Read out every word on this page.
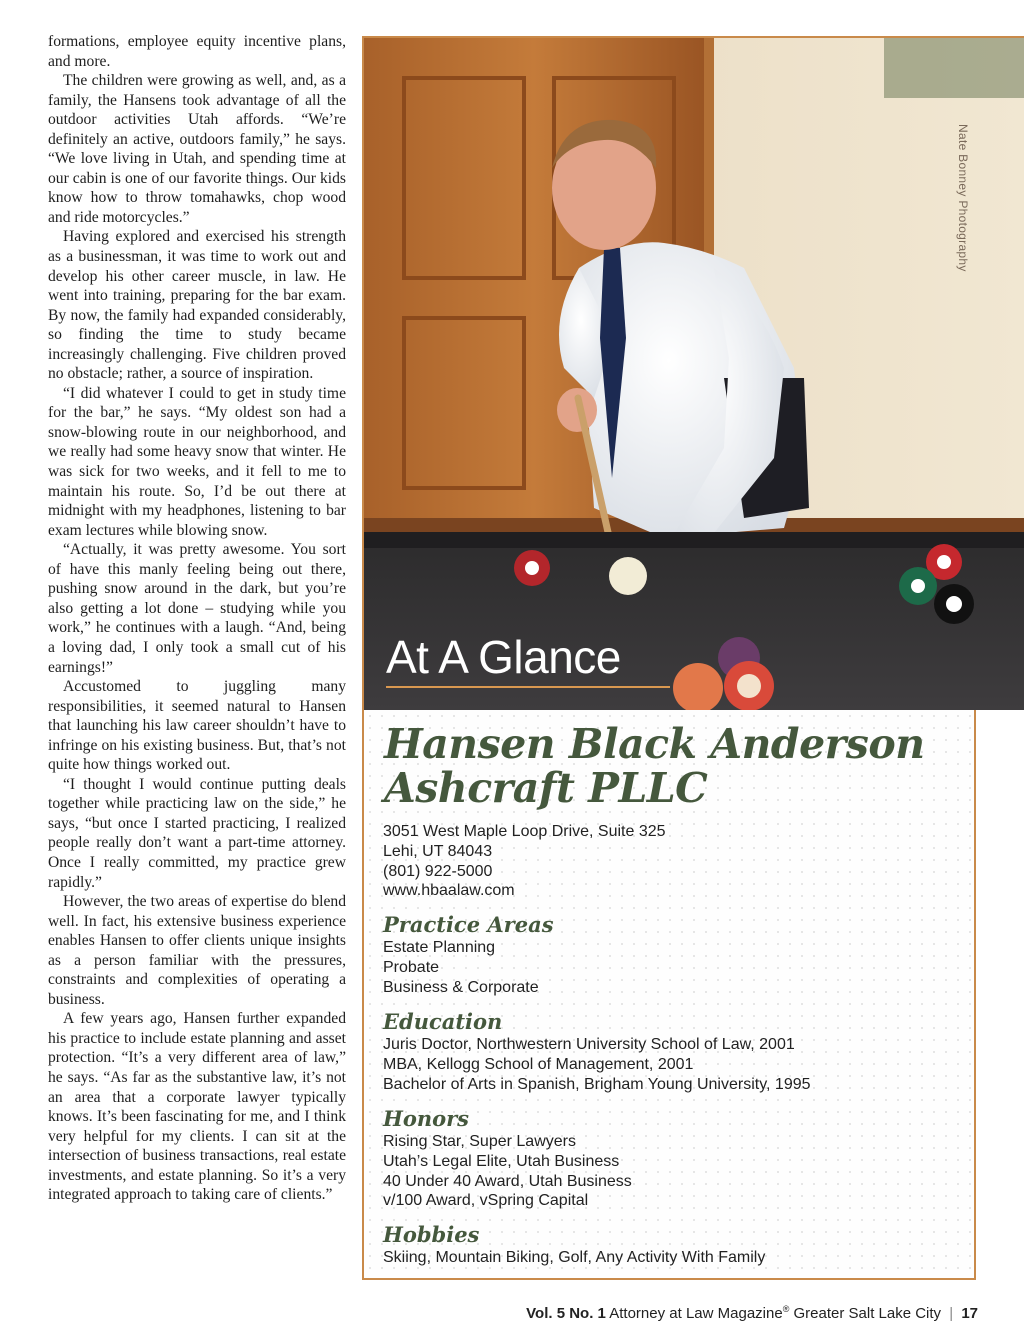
formations, employee equity incentive plans, and more.

The children were growing as well, and, as a family, the Hansens took advantage of all the outdoor activities Utah affords. “We’re definitely an active, outdoors family,” he says. “We love living in Utah, and spending time at our cabin is one of our favorite things. Our kids know how to throw tomahawks, chop wood and ride motorcycles.”

Having explored and exercised his strength as a businessman, it was time to work out and develop his other career muscle, in law. He went into training, preparing for the bar exam. By now, the family had expanded considerably, so finding the time to study became increasingly challenging. Five children proved no obstacle; rather, a source of inspiration.

“I did whatever I could to get in study time for the bar,” he says. “My oldest son had a snow-blowing route in our neighborhood, and we really had some heavy snow that winter. He was sick for two weeks, and it fell to me to maintain his route. So, I’d be out there at midnight with my headphones, listening to bar exam lectures while blowing snow.

“Actually, it was pretty awesome. You sort of have this manly feeling being out there, pushing snow around in the dark, but you’re also getting a lot done – studying while you work,” he continues with a laugh. “And, being a loving dad, I only took a small cut of his earnings!”

Accustomed to juggling many responsibilities, it seemed natural to Hansen that launching his law career shouldn’t have to infringe on his existing business. But, that’s not quite how things worked out.

“I thought I would continue putting deals together while practicing law on the side,” he says, “but once I started practicing, I realized people really don’t want a part-time attorney. Once I really committed, my practice grew rapidly.”

However, the two areas of expertise do blend well. In fact, his extensive business experience enables Hansen to offer clients unique insights as a person familiar with the pressures, constraints and complexities of operating a business.

A few years ago, Hansen further expanded his practice to include estate planning and asset protection. “It’s a very different area of law,” he says. “As far as the substantive law, it’s not an area that a corporate lawyer typically knows. It’s been fascinating for me, and I think very helpful for my clients. I can sit at the intersection of business transactions, real estate investments, and estate planning. So it’s a very integrated approach to taking care of clients.”

Nate Bonney Photography
At A Glance
Hansen Black Anderson
Ashcraft PLLC
3051 West Maple Loop Drive, Suite 325
Lehi, UT 84043
(801) 922-5000
www.hbaalaw.com
Practice Areas
Estate Planning
Probate
Business & Corporate
Education
Juris Doctor, Northwestern University School of Law, 2001
MBA, Kellogg School of Management, 2001
Bachelor of Arts in Spanish, Brigham Young University, 1995
Honors
Rising Star, Super Lawyers
Utah’s Legal Elite, Utah Business
40 Under 40 Award, Utah Business
v/100 Award, vSpring Capital
Hobbies
Skiing, Mountain Biking, Golf, Any Activity With Family
Vol. 5 No. 1 Attorney at Law Magazine® Greater Salt Lake City | 17
